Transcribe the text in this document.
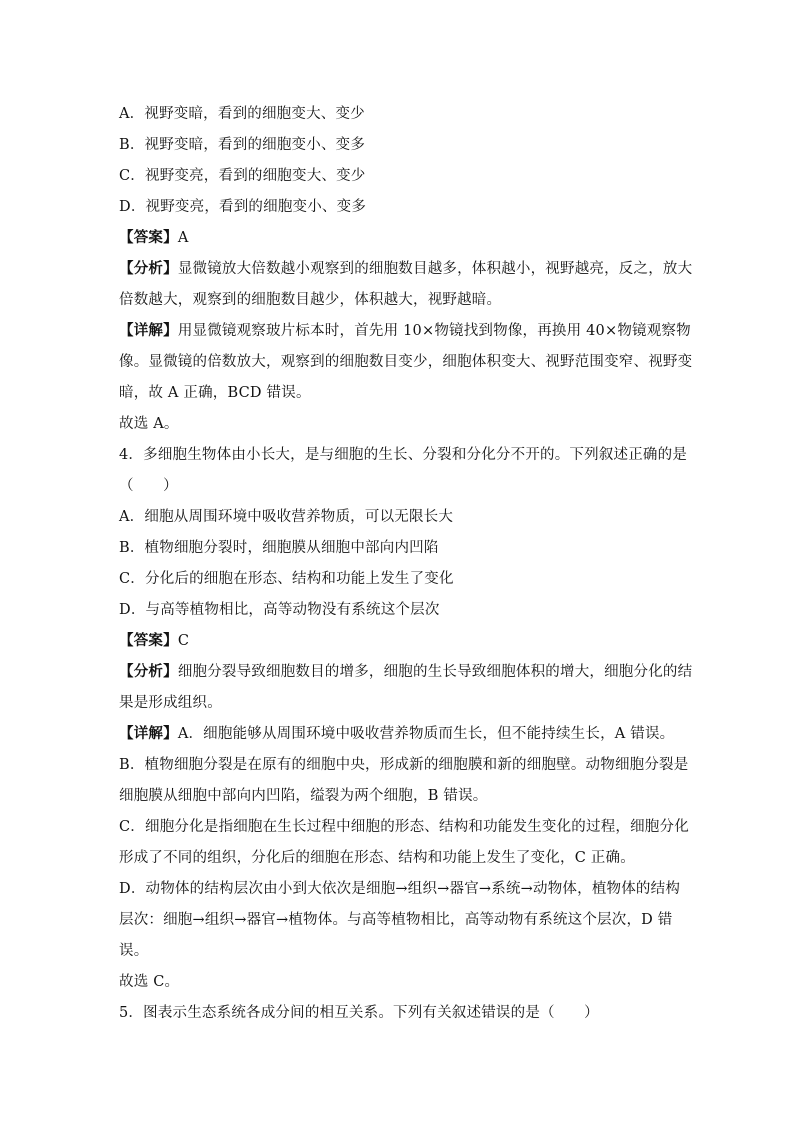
A．视野变暗，看到的细胞变大、变少
B．视野变暗，看到的细胞变小、变多
C．视野变亮，看到的细胞变大、变少
D．视野变亮，看到的细胞变小、变多
【答案】A
【分析】显微镜放大倍数越小观察到的细胞数目越多，体积越小，视野越亮，反之，放大
倍数越大，观察到的细胞数目越少，体积越大，视野越暗。
【详解】用显微镜观察玻片标本时，首先用 10×物镜找到物像，再换用 40×物镜观察物
像。显微镜的倍数放大，观察到的细胞数目变少，细胞体积变大、视野范围变窄、视野变
暗，故 A 正确，BCD 错误。
故选 A。
4．多细胞生物体由小长大，是与细胞的生长、分裂和分化分不开的。下列叙述正确的是
（　　）
A．细胞从周围环境中吸收营养物质，可以无限长大
B．植物细胞分裂时，细胞膜从细胞中部向内凹陷
C．分化后的细胞在形态、结构和功能上发生了变化
D．与高等植物相比，高等动物没有系统这个层次
【答案】C
【分析】细胞分裂导致细胞数目的增多，细胞的生长导致细胞体积的增大，细胞分化的结
果是形成组织。
【详解】A．细胞能够从周围环境中吸收营养物质而生长，但不能持续生长，A 错误。
B．植物细胞分裂是在原有的细胞中央，形成新的细胞膜和新的细胞壁。动物细胞分裂是
细胞膜从细胞中部向内凹陷，缢裂为两个细胞，B 错误。
C．细胞分化是指细胞在生长过程中细胞的形态、结构和功能发生变化的过程，细胞分化
形成了不同的组织，分化后的细胞在形态、结构和功能上发生了变化，C 正确。
D．动物体的结构层次由小到大依次是细胞→组织→器官→系统→动物体，植物体的结构
层次：细胞→组织→器官→植物体。与高等植物相比，高等动物有系统这个层次，D 错
误。
故选 C。
5．图表示生态系统各成分间的相互关系。下列有关叙述错误的是（　　）
